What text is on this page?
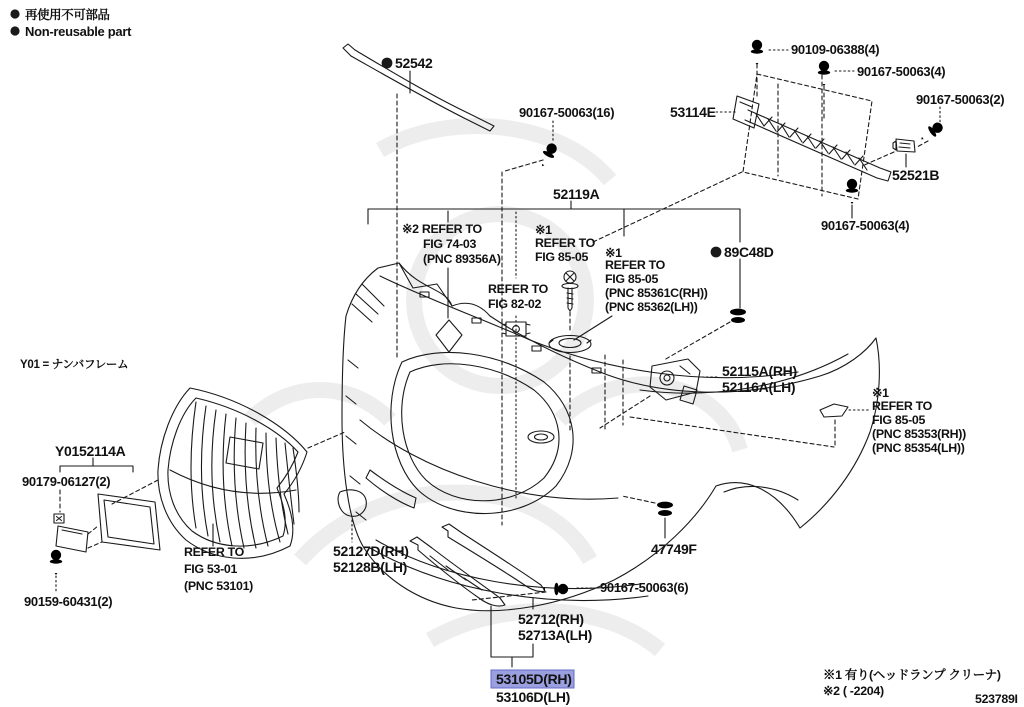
再使用不可部品
Non-reusable part
Y01 = ナンバフレーム
52542
90167-50063(16)
90109-06388(4)
90167-50063(4)
53114E
90167-50063(2)
52521B
90167-50063(4)
52119A
89C48D
52115A(RH)
52116A(LH)
Y0152114A
90179-06127(2)
90159-60431(2)
52127D(RH)
52128B(LH)
47749F
90167-50063(6)
52712(RH)
52713A(LH)
53105D(RH)
53106D(LH)
※2 REFER TO
FIG 74-03
(PNC 89356A)
※1
REFER TO
FIG 85-05 ※1
REFER TO
FIG 85-05
(PNC 85361C(RH))
(PNC 85362(LH))
REFER TO
FIG 82-02
※1
REFER TO
FIG 85-05
(PNC 85353(RH))
(PNC 85354(LH))
REFER TO
FIG 53-01
(PNC 53101)
※1 有り(ヘッドランプ クリーナ)
※2 ( -2204)
523789I
